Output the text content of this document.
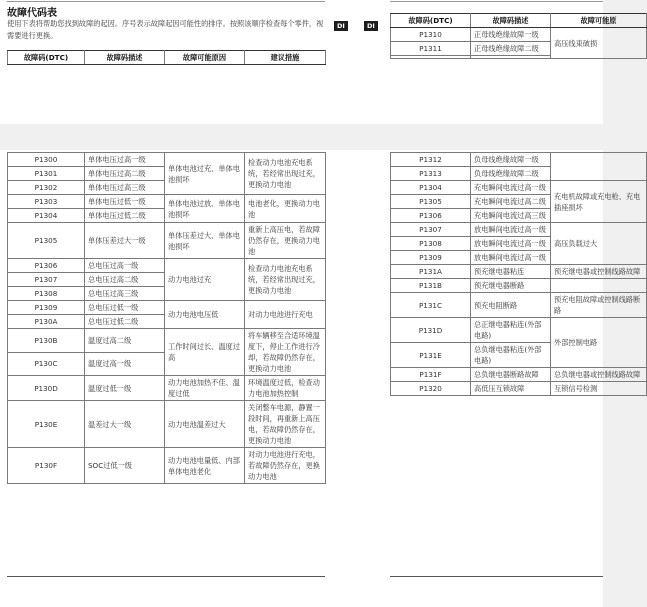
故障代码表
使用下表将帮助您找到故障的起因。序号表示故障起因可能性的排序。按照该顺序检查每个零件，视需要进行更换。
故障码(DTC)	故障码描述	故障可能原因	建议措施
DI	DI
故障码(DTC)	故障码描述	故障可能原
P1310	正母线绝缘故障一级	高压线束破损
P1311	正母线绝缘故障二级	

P1300	单体电压过高一级	单体电池过充、单体电池损坏	检查动力电池充电系统，若经常出现过充，更换动力电池
P1301	单体电压过高二级		
P1302	单体电压过高三级		
P1303	单体电压过低一级	单体电池过放、单体电池损坏	电池老化，更换动力电池
P1304	单体电压过低二级		
P1305	单体压差过大一级	单体压差过大、单体电池损坏	重新上高压电，若故障仍然存在，更换动力电池
P1306	总电压过高一级	动力电池过充	检查动力电池充电系统，若经常出现过充，更换动力电池
P1307	总电压过高二级		
P1308	总电压过高三级		
P1309	总电压过低一级	动力电池电压低	对动力电池进行充电
P130A	总电压过低二级		
P130B	温度过高二级	工作时间过长、温度过高	将车辆移至合适环境温度下，停止工作进行冷却，若故障仍然存在，更换动力电池
P130C	温度过高一级		
P130D	温度过低一级	动力电池加热不佳、温度过低	环境温度过低，检查动力电池加热控制
P130E	温差过大一级	动力电池温差过大	关闭整车电源，静置一段时间，再重新上高压电，若故障仍然存在，更换动力电池
P130F	SOC过低一级	动力电池电量低、内部单体电池老化	对动力电池进行充电，若故障仍然存在，更换动力电池
P1312	负母线绝缘故障一级	
P1313	负母线绝缘故障二级	
P1304	充电瞬间电流过高一级	充电机故障或充电枪、充电插座损坏
P1305	充电瞬间电流过高二级	
P1306	充电瞬间电流过高三级	
P1307	放电瞬间电流过高一级	高压负载过大
P1308	放电瞬间电流过高一级	
P1309	放电瞬间电流过高一级	
P131A	预充继电器粘连	预充继电器或控制线路故障
P131B	预充继电器断路	
P131C	预充电阻断路	预充电阻故障或控制线路断路
P131D	总正继电器粘连(外部电路)	外部控制电路
P131E	总负继电器粘连(外部电路)	
P131F	总负继电器断路故障	总负继电器或控制线路故障
P1320	高低压互锁故障	互锁信号检测
